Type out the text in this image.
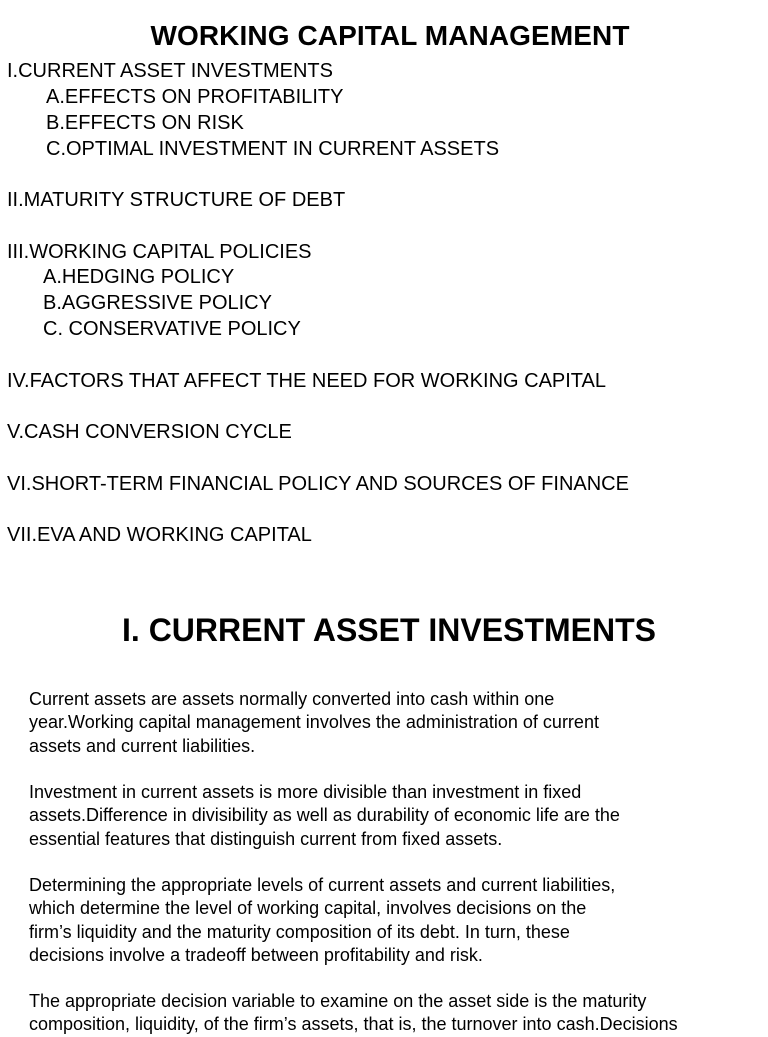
WORKING CAPITAL MANAGEMENT
I.CURRENT ASSET INVESTMENTS
A.EFFECTS ON PROFITABILITY
B.EFFECTS ON RISK
C.OPTIMAL INVESTMENT IN CURRENT ASSETS
II.MATURITY STRUCTURE OF DEBT
III.WORKING CAPITAL POLICIES
A.HEDGING POLICY
B.AGGRESSIVE POLICY
C. CONSERVATIVE POLICY
IV.FACTORS THAT AFFECT THE NEED FOR WORKING CAPITAL
V.CASH CONVERSION CYCLE
VI.SHORT-TERM FINANCIAL POLICY AND SOURCES OF FINANCE
VII.EVA AND WORKING CAPITAL
I. CURRENT ASSET INVESTMENTS

Current assets are assets normally converted into cash within one
year.Working capital management involves the administration of current
assets and current liabilities.

Investment in current assets is more divisible than investment in fixed
assets.Difference in divisibility as well as durability of economic life are the
essential features that distinguish current from fixed assets.

Determining the appropriate levels of current assets and current liabilities,
which determine the level of working capital, involves decisions on the
firm’s liquidity and the maturity composition of its debt. In turn, these
decisions involve a tradeoff between profitability and risk.

The appropriate decision variable to examine on the asset side is the maturity
composition, liquidity, of the firm’s assets, that is, the turnover into cash.Decisions
